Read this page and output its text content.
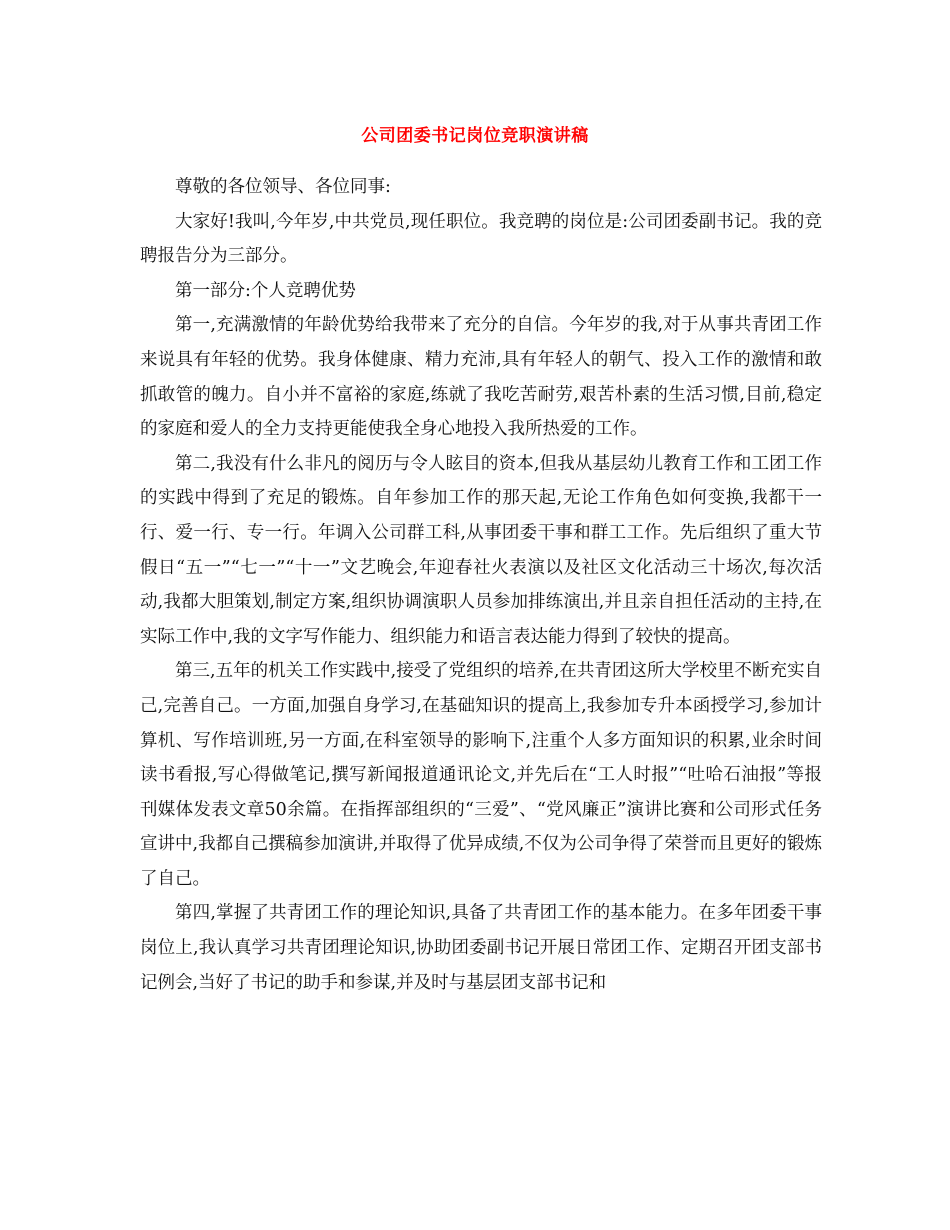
公司团委书记岗位竞职演讲稿

尊敬的各位领导、各位同事:

大家好!我叫,今年岁,中共党员,现任职位。我竞聘的岗位是:公司团委副书记。我的竞聘报告分为三部分。

第一部分:个人竞聘优势

第一,充满激情的年龄优势给我带来了充分的自信。今年岁的我,对于从事共青团工作来说具有年轻的优势。我身体健康、精力充沛,具有年轻人的朝气、投入工作的激情和敢抓敢管的魄力。自小并不富裕的家庭,练就了我吃苦耐劳,艰苦朴素的生活习惯,目前,稳定的家庭和爱人的全力支持更能使我全身心地投入我所热爱的工作。

第二,我没有什么非凡的阅历与令人眩目的资本,但我从基层幼儿教育工作和工团工作的实践中得到了充足的锻炼。自年参加工作的那天起,无论工作角色如何变换,我都干一行、爱一行、专一行。年调入公司群工科,从事团委干事和群工工作。先后组织了重大节假日“五一”“七一”“十一”文艺晚会,年迎春社火表演以及社区文化活动三十场次,每次活动,我都大胆策划,制定方案,组织协调演职人员参加排练演出,并且亲自担任活动的主持,在实际工作中,我的文字写作能力、组织能力和语言表达能力得到了较快的提高。

第三,五年的机关工作实践中,接受了党组织的培养,在共青团这所大学校里不断充实自己,完善自己。一方面,加强自身学习,在基础知识的提高上,我参加专升本函授学习,参加计算机、写作培训班,另一方面,在科室领导的影响下,注重个人多方面知识的积累,业余时间读书看报,写心得做笔记,撰写新闻报道通讯论文,并先后在“工人时报”“吐哈石油报”等报刊媒体发表文章50余篇。在指挥部组织的“三爱”、“党风廉正”演讲比赛和公司形式任务宣讲中,我都自己撰稿参加演讲,并取得了优异成绩,不仅为公司争得了荣誉而且更好的锻炼了自己。

第四,掌握了共青团工作的理论知识,具备了共青团工作的基本能力。在多年团委干事岗位上,我认真学习共青团理论知识,协助团委副书记开展日常团工作、定期召开团支部书记例会,当好了书记的助手和参谋,并及时与基层团支部书记和
